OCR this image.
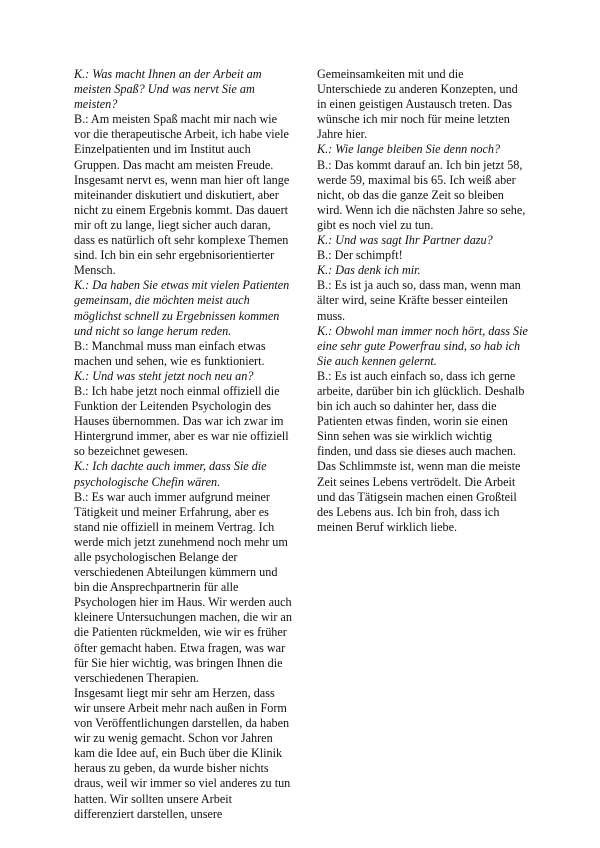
K.: Was macht Ihnen an der Arbeit am meisten Spaß? Und was nervt Sie am meisten?

B.: Am meisten Spaß macht mir nach wie vor die therapeutische Arbeit, ich habe viele Einzelpatienten und im Institut auch Gruppen. Das macht am meisten Freude. Insgesamt nervt es, wenn man hier oft lange miteinander diskutiert und diskutiert, aber nicht zu einem Ergebnis kommt. Das dauert mir oft zu lange, liegt sicher auch daran, dass es natürlich oft sehr komplexe Themen sind. Ich bin ein sehr ergebnisorientierter Mensch.

K.: Da haben Sie etwas mit vielen Patienten gemeinsam, die möchten meist auch möglichst schnell zu Ergebnissen kommen und nicht so lange herum reden.

B.: Manchmal muss man einfach etwas machen und sehen, wie es funktioniert.

K.: Und was steht jetzt noch neu an?

B.: Ich habe jetzt noch einmal offiziell die Funktion der Leitenden Psychologin des Hauses übernommen. Das war ich zwar im Hintergrund immer, aber es war nie offiziell so bezeichnet gewesen.

K.: Ich dachte auch immer, dass Sie die psychologische Chefin wären.

B.: Es war auch immer aufgrund meiner Tätigkeit und meiner Erfahrung, aber es stand nie offiziell in meinem Vertrag. Ich werde mich jetzt zunehmend noch mehr um alle psychologischen Belange der verschiedenen Abteilungen kümmern und bin die Ansprechpartnerin für alle Psychologen hier im Haus. Wir werden auch kleinere Untersuchungen machen, die wir an die Patienten rückmelden, wie wir es früher öfter gemacht haben. Etwa fragen, was war für Sie hier wichtig, was bringen Ihnen die verschiedenen Therapien.

Insgesamt liegt mir sehr am Herzen, dass wir unsere Arbeit mehr nach außen in Form von Veröffentlichungen darstellen, da haben wir zu wenig gemacht. Schon vor Jahren kam die Idee auf, ein Buch über die Klinik heraus zu geben, da wurde bisher nichts draus, weil wir immer so viel anderes zu tun hatten. Wir sollten unsere Arbeit differenziert darstellen, unsere

Gemeinsamkeiten mit und die Unterschiede zu anderen Konzepten, und in einen geistigen Austausch treten. Das wünsche ich mir noch für meine letzten Jahre hier.

K.: Wie lange bleiben Sie denn noch?

B.: Das kommt darauf an. Ich bin jetzt 58, werde 59, maximal bis 65. Ich weiß aber nicht, ob das die ganze Zeit so bleiben wird. Wenn ich die nächsten Jahre so sehe, gibt es noch viel zu tun.

K.: Und was sagt Ihr Partner dazu?

B.: Der schimpft!

K.: Das denk ich mir.

B.: Es ist ja auch so, dass man, wenn man älter wird, seine Kräfte besser einteilen muss.

K.: Obwohl man immer noch hört, dass Sie eine sehr gute Powerfrau sind, so hab ich Sie auch kennen gelernt.

B.: Es ist auch einfach so, dass ich gerne arbeite, darüber bin ich glücklich. Deshalb bin ich auch so dahinter her, dass die Patienten etwas finden, worin sie einen Sinn sehen was sie wirklich wichtig finden, und dass sie dieses auch machen. Das Schlimmste ist, wenn man die meiste Zeit seines Lebens vertrödelt. Die Arbeit und das Tätigsein machen einen Großteil des Lebens aus. Ich bin froh, dass ich meinen Beruf wirklich liebe.
